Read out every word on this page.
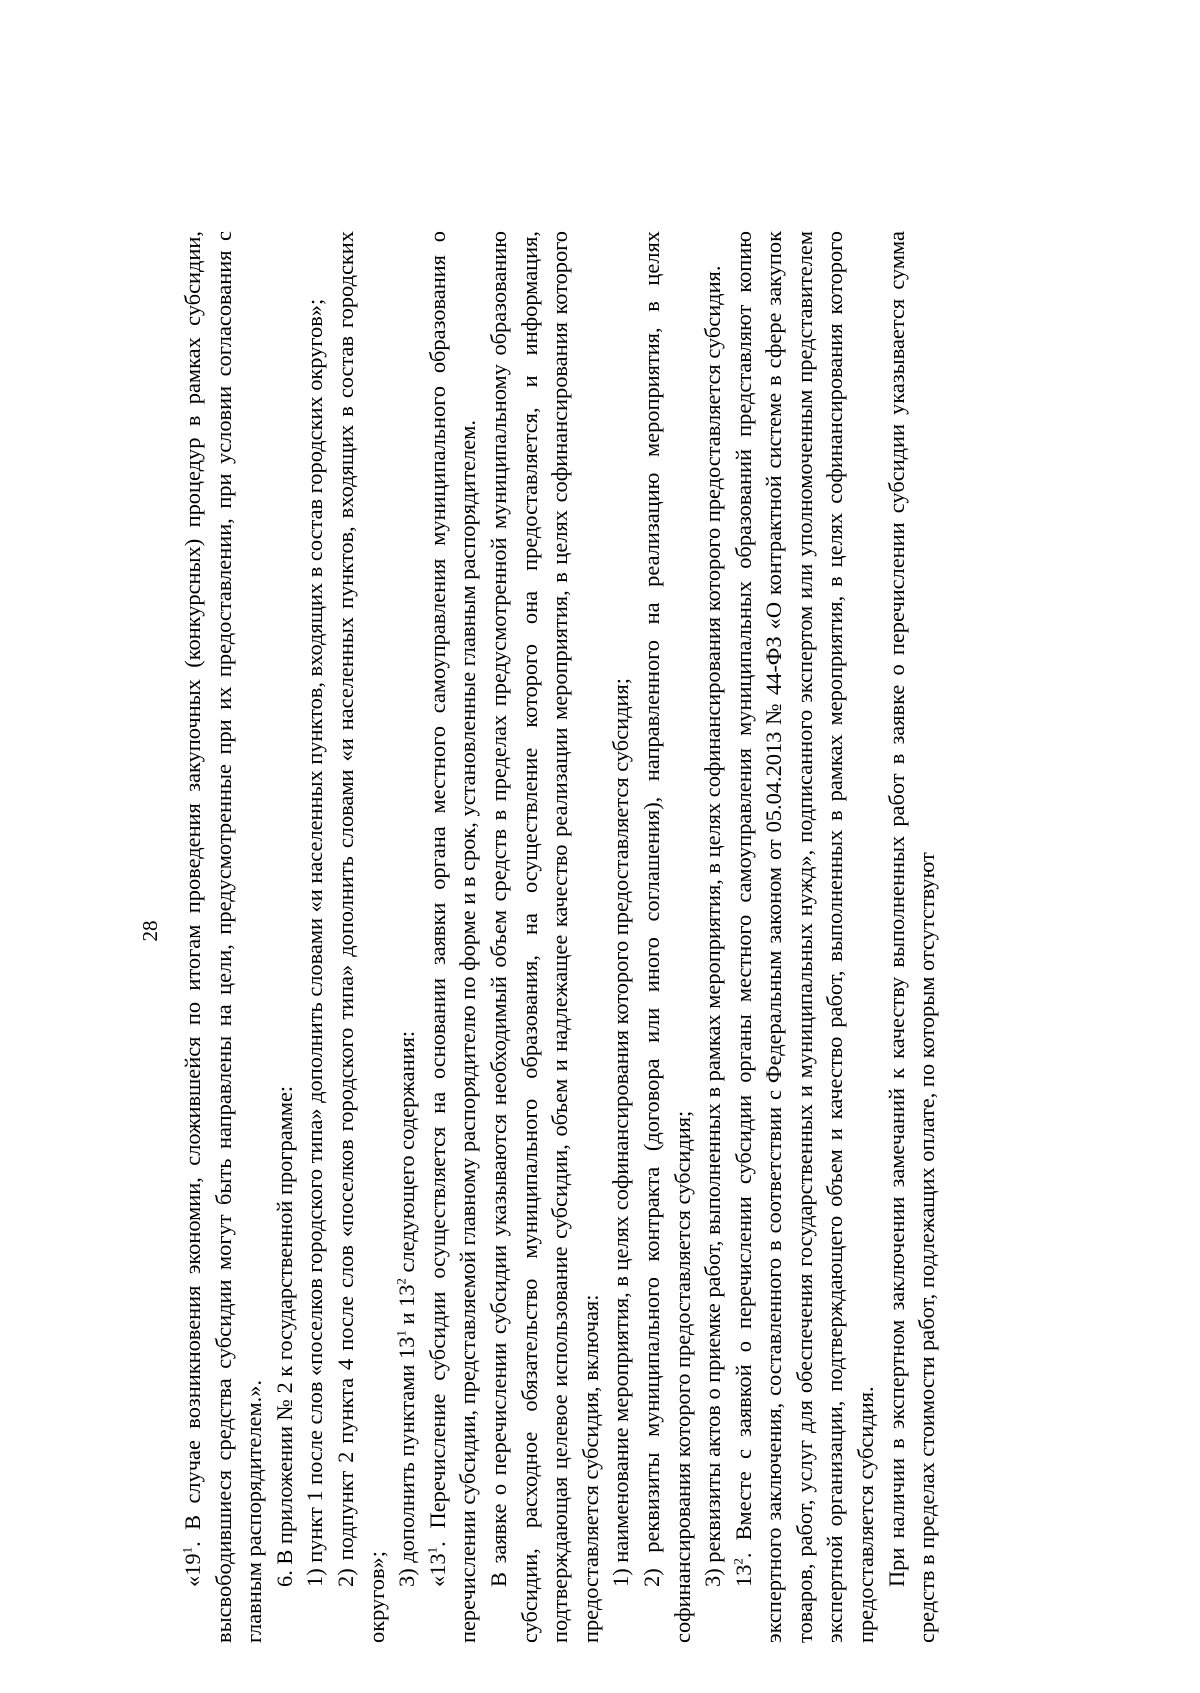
28

«$19^1$. В случае возникновения экономии, сложившейся по итогам проведения закупочных (конкурсных) процедур в рамках субсидии, высвободившиеся средства субсидии могут быть направлены на цели, предусмотренные при их предоставлении, при условии согласования с главным распорядителем.». 6. В приложении № 2 к государственной программе: 1) пункт 1 после слов «поселков городского типа» дополнить словами «и населенных пунктов, входящих в состав городских округов»; 2) подпункт 2 пункта 4 после слов «поселков городского типа» дополнить словами «и населенных пунктов, входящих в состав городских округов»;

3) дополнить пунктами $13^1$ и $13^2$ следующего содержания:

«$13^1$. Перечисление субсидии осуществляется на основании заявки органа местного самоуправления муниципального образования о перечислении субсидии, представляемой главному распорядителю по форме и в срок, установленные главным распорядителем. В заявке о перечислении субсидии указываются необходимый объем средств в пределах предусмотренной муниципальному образованию субсидии, расходное обязательство муниципального образования, на осуществление которого она предоставляется, и информация, подтверждающая целевое использование субсидии, объем и надлежащее качество реализации мероприятия, в целях софинансирования которого предоставляется субсидия, включая: 1) наименование мероприятия, в целях софинансирования которого предоставляется субсидия; 2) реквизиты муниципального контракта (договора или иного соглашения), направленного на реализацию мероприятия, в целях софинансирования которого предоставляется субсидия; 3) реквизиты актов о приемке работ, выполненных в рамках мероприятия, в целях софинансирования которого предоставляется субсидия. $13^2$. Вместе с заявкой о перечислении субсидии органы местного самоуправления муниципальных образований представляют копию экспертного заключения, составленного в соответствии с Федеральным законом от 05.04.2013 № 44-ФЗ «О контрактной системе в сфере закупок товаров, работ, услуг для обеспечения государственных и муниципальных нужд», подписанного экспертом или уполномоченным представителем экспертной организации, подтверждающего объем и качество работ, выполненных в рамках мероприятия, в целях софинансирования которого предоставляется субсидия. При наличии в экспертном заключении замечаний к качеству выполненных работ в заявке о перечислении субсидии указывается сумма средств в пределах стоимости работ, подлежащих оплате, по которым отсутствуют
